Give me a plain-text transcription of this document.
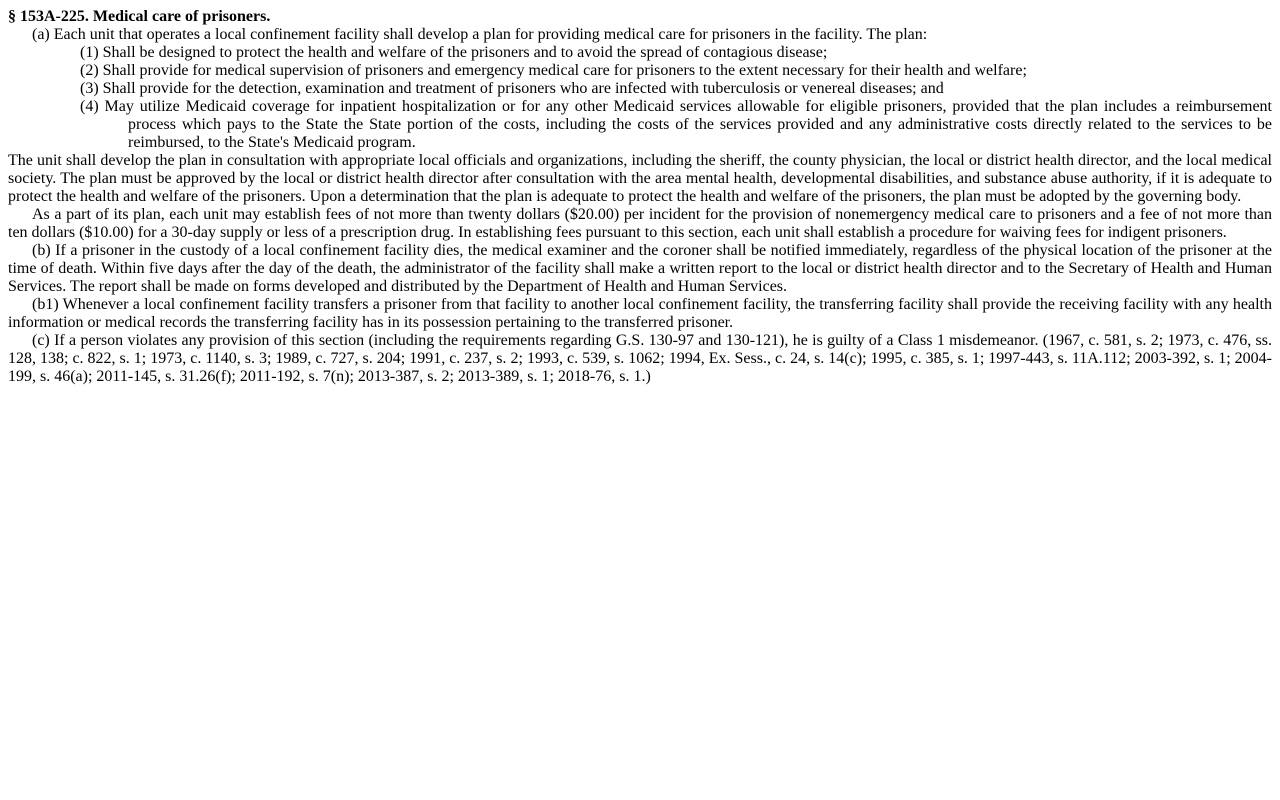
§ 153A-225. Medical care of prisoners.

(a) Each unit that operates a local confinement facility shall develop a plan for providing medical care for prisoners in the facility. The plan:

(1) Shall be designed to protect the health and welfare of the prisoners and to avoid the spread of contagious disease;

(2) Shall provide for medical supervision of prisoners and emergency medical care for prisoners to the extent necessary for their health and welfare;

(3) Shall provide for the detection, examination and treatment of prisoners who are infected with tuberculosis or venereal diseases; and

(4) May utilize Medicaid coverage for inpatient hospitalization or for any other Medicaid services allowable for eligible prisoners, provided that the plan includes a reimbursement process which pays to the State the State portion of the costs, including the costs of the services provided and any administrative costs directly related to the services to be reimbursed, to the State's Medicaid program.

The unit shall develop the plan in consultation with appropriate local officials and organizations, including the sheriff, the county physician, the local or district health director, and the local medical society. The plan must be approved by the local or district health director after consultation with the area mental health, developmental disabilities, and substance abuse authority, if it is adequate to protect the health and welfare of the prisoners. Upon a determination that the plan is adequate to protect the health and welfare of the prisoners, the plan must be adopted by the governing body.

As a part of its plan, each unit may establish fees of not more than twenty dollars ($20.00) per incident for the provision of nonemergency medical care to prisoners and a fee of not more than ten dollars ($10.00) for a 30-day supply or less of a prescription drug. In establishing fees pursuant to this section, each unit shall establish a procedure for waiving fees for indigent prisoners.

(b) If a prisoner in the custody of a local confinement facility dies, the medical examiner and the coroner shall be notified immediately, regardless of the physical location of the prisoner at the time of death. Within five days after the day of the death, the administrator of the facility shall make a written report to the local or district health director and to the Secretary of Health and Human Services. The report shall be made on forms developed and distributed by the Department of Health and Human Services.

(b1) Whenever a local confinement facility transfers a prisoner from that facility to another local confinement facility, the transferring facility shall provide the receiving facility with any health information or medical records the transferring facility has in its possession pertaining to the transferred prisoner.

(c) If a person violates any provision of this section (including the requirements regarding G.S. 130-97 and 130-121), he is guilty of a Class 1 misdemeanor. (1967, c. 581, s. 2; 1973, c. 476, ss. 128, 138; c. 822, s. 1; 1973, c. 1140, s. 3; 1989, c. 727, s. 204; 1991, c. 237, s. 2; 1993, c. 539, s. 1062; 1994, Ex. Sess., c. 24, s. 14(c); 1995, c. 385, s. 1; 1997-443, s. 11A.112; 2003-392, s. 1; 2004-199, s. 46(a); 2011-145, s. 31.26(f); 2011-192, s. 7(n); 2013-387, s. 2; 2013-389, s. 1; 2018-76, s. 1.)
